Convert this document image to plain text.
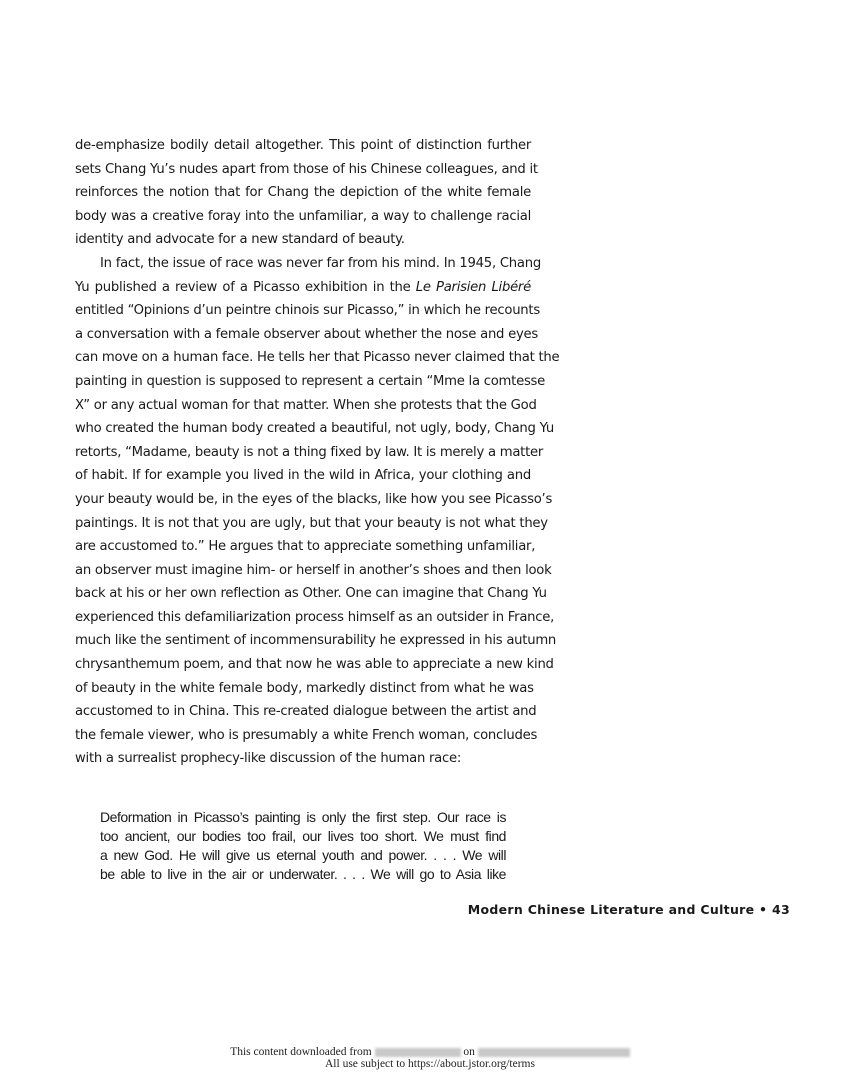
de-emphasize bodily detail altogether. This point of distinction further
sets Chang Yu’s nudes apart from those of his Chinese colleagues, and it
reinforces the notion that for Chang the depiction of the white female
body was a creative foray into the unfamiliar, a way to challenge racial
identity and advocate for a new standard of beauty.
In fact, the issue of race was never far from his mind. In 1945, Chang
Yu published a review of a Picasso exhibition in the Le Parisien Libéré
entitled “Opinions d’un peintre chinois sur Picasso,” in which he recounts
a conversation with a female observer about whether the nose and eyes
can move on a human face. He tells her that Picasso never claimed that the
painting in question is supposed to represent a certain “Mme la comtesse
X” or any actual woman for that matter. When she protests that the God
who created the human body created a beautiful, not ugly, body, Chang Yu
retorts, “Madame, beauty is not a thing fixed by law. It is merely a matter
of habit. If for example you lived in the wild in Africa, your clothing and
your beauty would be, in the eyes of the blacks, like how you see Picasso’s
paintings. It is not that you are ugly, but that your beauty is not what they
are accustomed to.” He argues that to appreciate something unfamiliar,
an observer must imagine him- or herself in another’s shoes and then look
back at his or her own reflection as Other. One can imagine that Chang Yu
experienced this defamiliarization process himself as an outsider in France,
much like the sentiment of incommensurability he expressed in his autumn
chrysanthemum poem, and that now he was able to appreciate a new kind
of beauty in the white female body, markedly distinct from what he was
accustomed to in China. This re-created dialogue between the artist and
the female viewer, who is presumably a white French woman, concludes
with a surrealist prophecy-like discussion of the human race:
Deformation in Picasso’s painting is only the first step. Our race is
too ancient, our bodies too frail, our lives too short. We must find
a new God. He will give us eternal youth and power. . . . We will
be able to live in the air or underwater. . . . We will go to Asia like
Modern Chinese Literature and Culture • 43
This content downloaded from	on
All use subject to https://about.jstor.org/terms
